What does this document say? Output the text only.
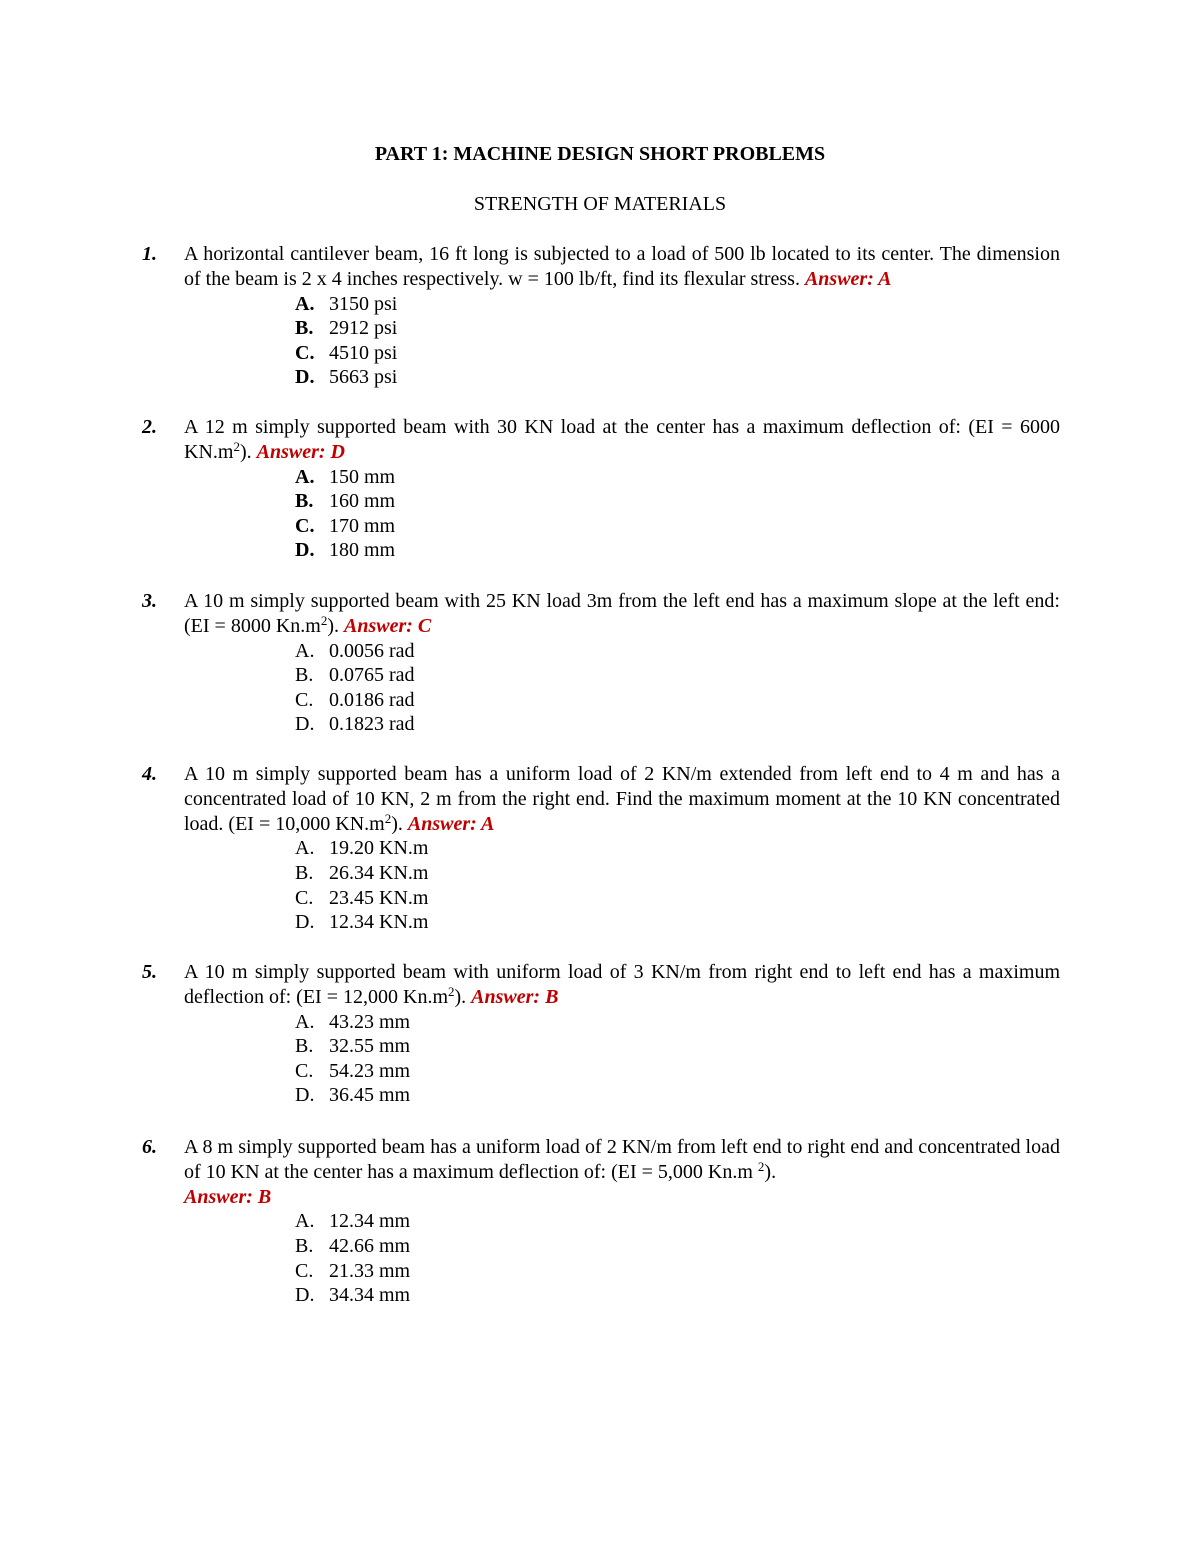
PART 1: MACHINE DESIGN SHORT PROBLEMS
STRENGTH OF MATERIALS
1. A horizontal cantilever beam, 16 ft long is subjected to a load of 500 lb located to its center. The dimension of the beam is 2 x 4 inches respectively. w = 100 lb/ft, find its flexular stress. Answer: A
A. 3150 psi
B. 2912 psi
C. 4510 psi
D. 5663 psi
2. A 12 m simply supported beam with 30 KN load at the center has a maximum deflection of: (EI = 6000 $KN.m^2$). Answer: D
A. 150 mm
B. 160 mm
C. 170 mm
D. 180 mm
3. A 10 m simply supported beam with 25 KN load 3m from the left end has a maximum slope at the left end: (EI = 8000 $Kn.m^2$). Answer: C
A. 0.0056 rad
B. 0.0765 rad
C. 0.0186 rad
D. 0.1823 rad
4. A 10 m simply supported beam has a uniform load of 2 KN/m extended from left end to 4 m and has a concentrated load of 10 KN, 2 m from the right end. Find the maximum moment at the 10 KN concentrated load. (EI = 10,000 $KN.m^2$). Answer: A
A. 19.20 KN.m
B. 26.34 KN.m
C. 23.45 KN.m
D. 12.34 KN.m
5. A 10 m simply supported beam with uniform load of 3 KN/m from right end to left end has a maximum deflection of: (EI = 12,000 $Kn.m^2$). Answer: B
A. 43.23 mm
B. 32.55 mm
C. 54.23 mm
D. 36.45 mm
6. A 8 m simply supported beam has a uniform load of 2 KN/m from left end to right end and concentrated load of 10 KN at the center has a maximum deflection of: (EI = 5,000 Kn.m $^2$).
Answer: B
A. 12.34 mm
B. 42.66 mm
C. 21.33 mm
D. 34.34 mm
